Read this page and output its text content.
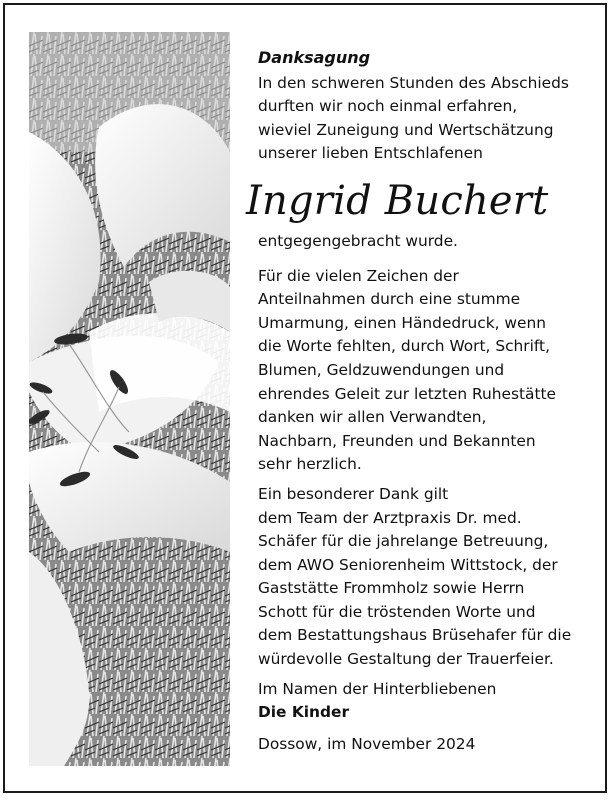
Danksagung

In den schweren Stunden des Abschieds
durften wir noch einmal erfahren,
wieviel Zuneigung und Wertschätzung
unserer lieben Entschlafenen

Ingrid Buchert

entgegengebracht wurde.

Für die vielen Zeichen der
Anteilnahmen durch eine stumme
Umarmung, einen Händedruck, wenn
die Worte fehlten, durch Wort, Schrift,
Blumen, Geldzuwendungen und
ehrendes Geleit zur letzten Ruhestätte
danken wir allen Verwandten,
Nachbarn, Freunden und Bekannten
sehr herzlich.

Ein besonderer Dank gilt
dem Team der Arztpraxis Dr. med.
Schäfer für die jahrelange Betreuung,
dem AWO Seniorenheim Wittstock, der
Gaststätte Frommholz sowie Herrn
Schott für die tröstenden Worte und
dem Bestattungshaus Brüsehafer für die
würdevolle Gestaltung der Trauerfeier.

Im Namen der Hinterbliebenen

Die Kinder

Dossow, im November 2024
